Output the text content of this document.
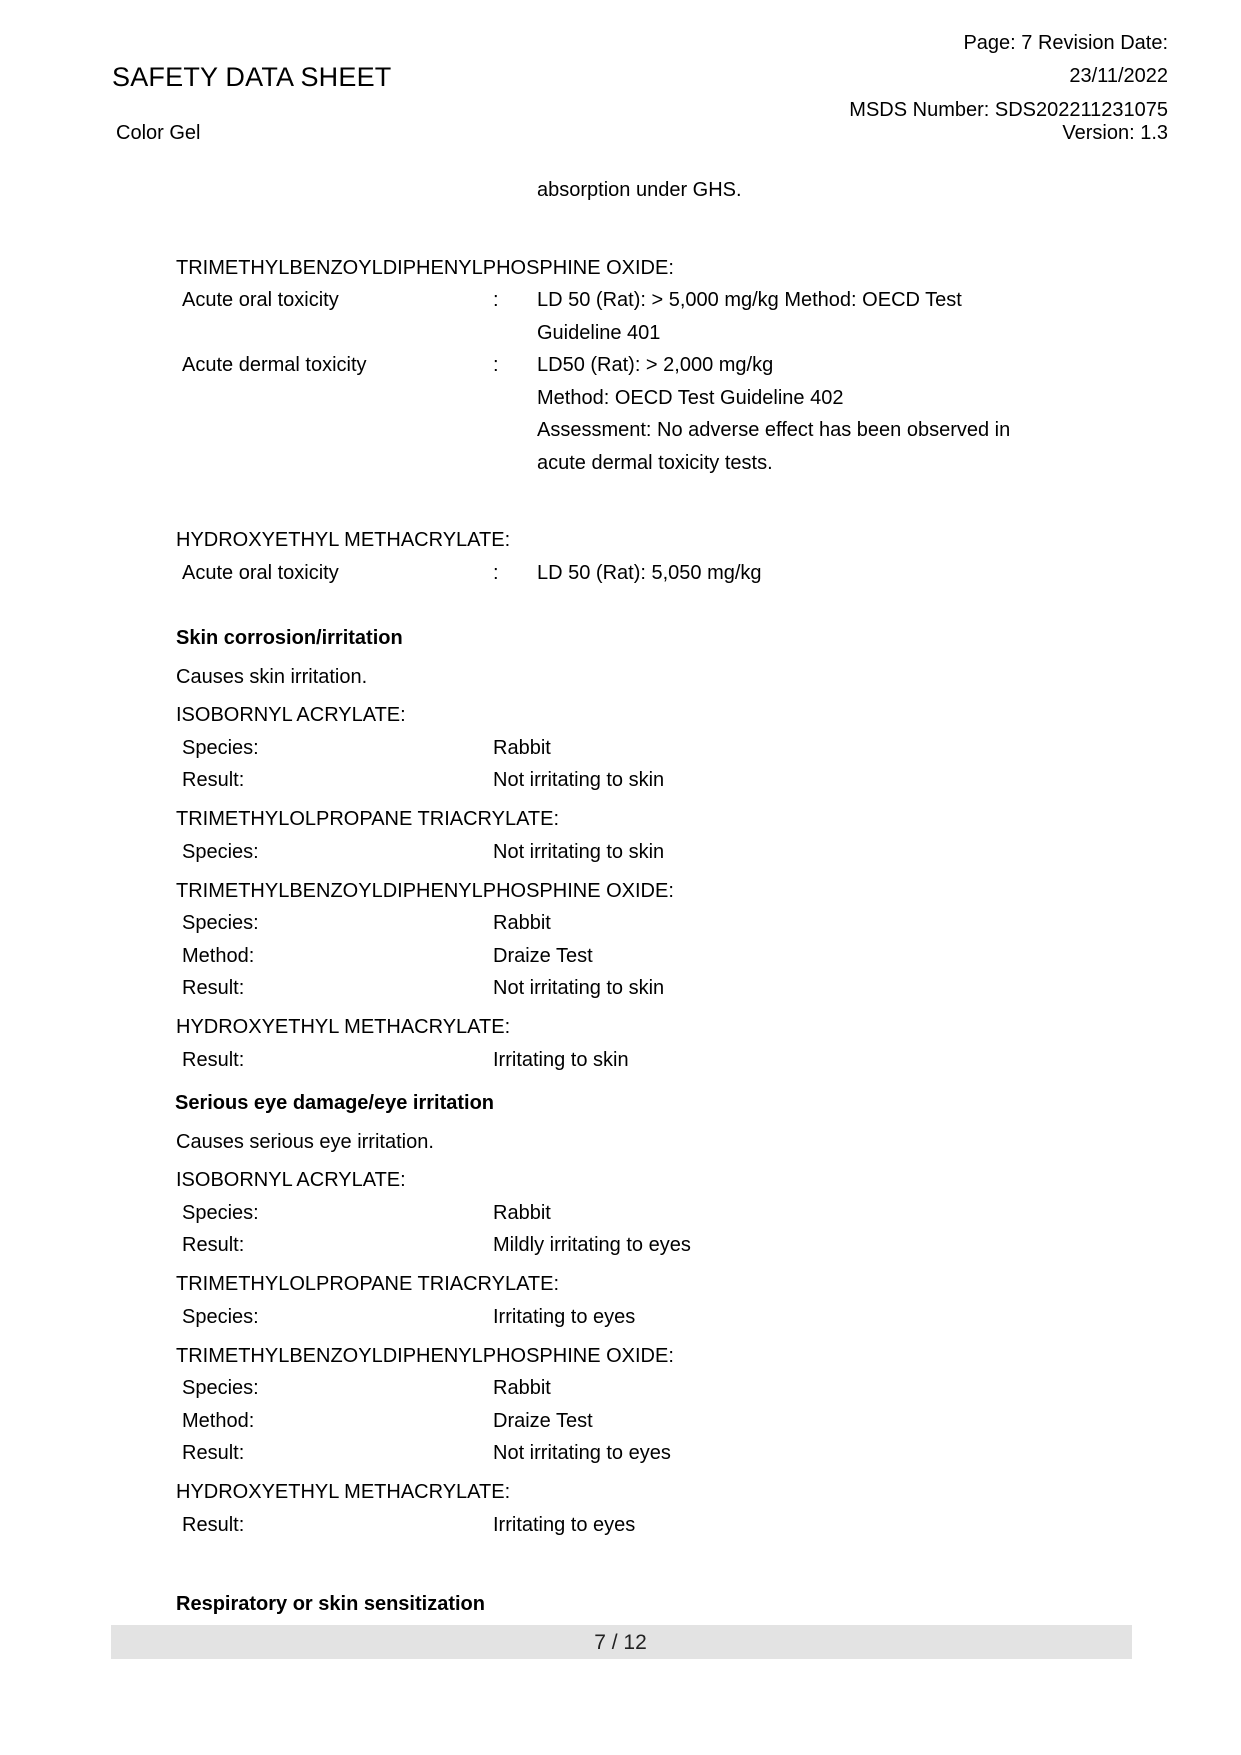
SAFETY DATA SHEET
Color Gel
Page: 7 Revision Date:
23/11/2022
MSDS Number: SDS202211231075
Version: 1.3
absorption under GHS.
TRIMETHYLBENZOYLDIPHENYLPHOSPHINE OXIDE:
Acute oral toxicity	: LD 50 (Rat): > 5,000 mg/kg Method: OECD Test
Guideline 401
Acute dermal toxicity	: LD50 (Rat): > 2,000 mg/kg
Method: OECD Test Guideline 402
Assessment: No adverse effect has been observed in
acute dermal toxicity tests.
HYDROXYETHYL METHACRYLATE:
Acute oral toxicity	: LD 50 (Rat): 5,050 mg/kg
Skin corrosion/irritation
Causes skin irritation.
ISOBORNYL ACRYLATE:
Species:	Rabbit
Result:	Not irritating to skin
TRIMETHYLOLPROPANE TRIACRYLATE:
Species:	Not irritating to skin
TRIMETHYLBENZOYLDIPHENYLPHOSPHINE OXIDE:
Species:	Rabbit
Method:	Draize Test
Result:	Not irritating to skin
HYDROXYETHYL METHACRYLATE:
Result:	Irritating to skin
Serious eye damage/eye irritation
Causes serious eye irritation.
ISOBORNYL ACRYLATE:
Species:	Rabbit
Result:	Mildly irritating to eyes
TRIMETHYLOLPROPANE TRIACRYLATE:
Species:	Irritating to eyes
TRIMETHYLBENZOYLDIPHENYLPHOSPHINE OXIDE:
Species:	Rabbit
Method:	Draize Test
Result:	Not irritating to eyes
HYDROXYETHYL METHACRYLATE:
Result:	Irritating to eyes
Respiratory or skin sensitization
7 / 12
